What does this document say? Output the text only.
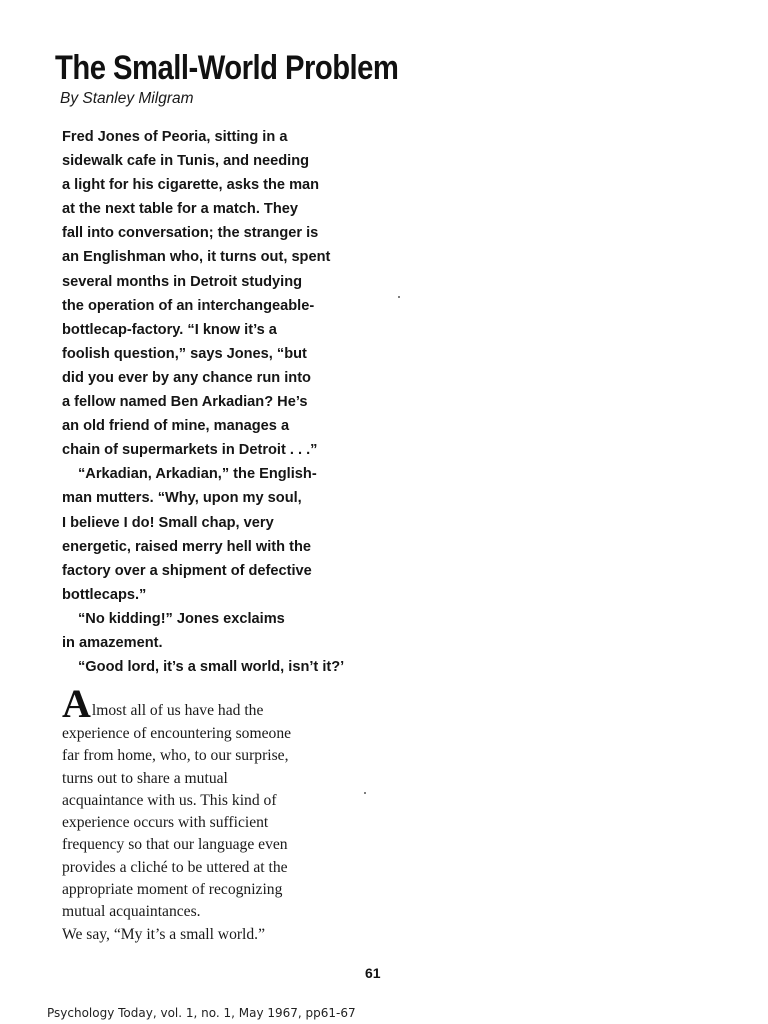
The Small-World Problem
By Stanley Milgram
Fred Jones of Peoria, sitting in a
sidewalk cafe in Tunis, and needing
a light for his cigarette, asks the man
at the next table for a match. They
fall into conversation; the stranger is
an Englishman who, it turns out, spent
several months in Detroit studying
the operation of an interchangeable-
bottlecap-factory. “I know it’s a
foolish question,” says Jones, “but
did you ever by any chance run into
a fellow named Ben Arkadian? He’s
an old friend of mine, manages a
chain of supermarkets in Detroit . . .”
“Arkadian, Arkadian,” the English-
man mutters. “Why, upon my soul,
I believe I do! Small chap, very
energetic, raised merry hell with the
factory over a shipment of defective
bottlecaps.”
“No kidding!” Jones exclaims
in amazement.
“Good lord, it’s a small world, isn’t it?’
Almost all of us have had the
experience of encountering someone
far from home, who, to our surprise,
turns out to share a mutual
acquaintance with us. This kind of
experience occurs with sufficient
frequency so that our language even
provides a cliché to be uttered at the
appropriate moment of recognizing
mutual acquaintances.
We say, “My it’s a small world.”
61
Psychology Today, vol. 1, no. 1, May 1967, pp61-67
